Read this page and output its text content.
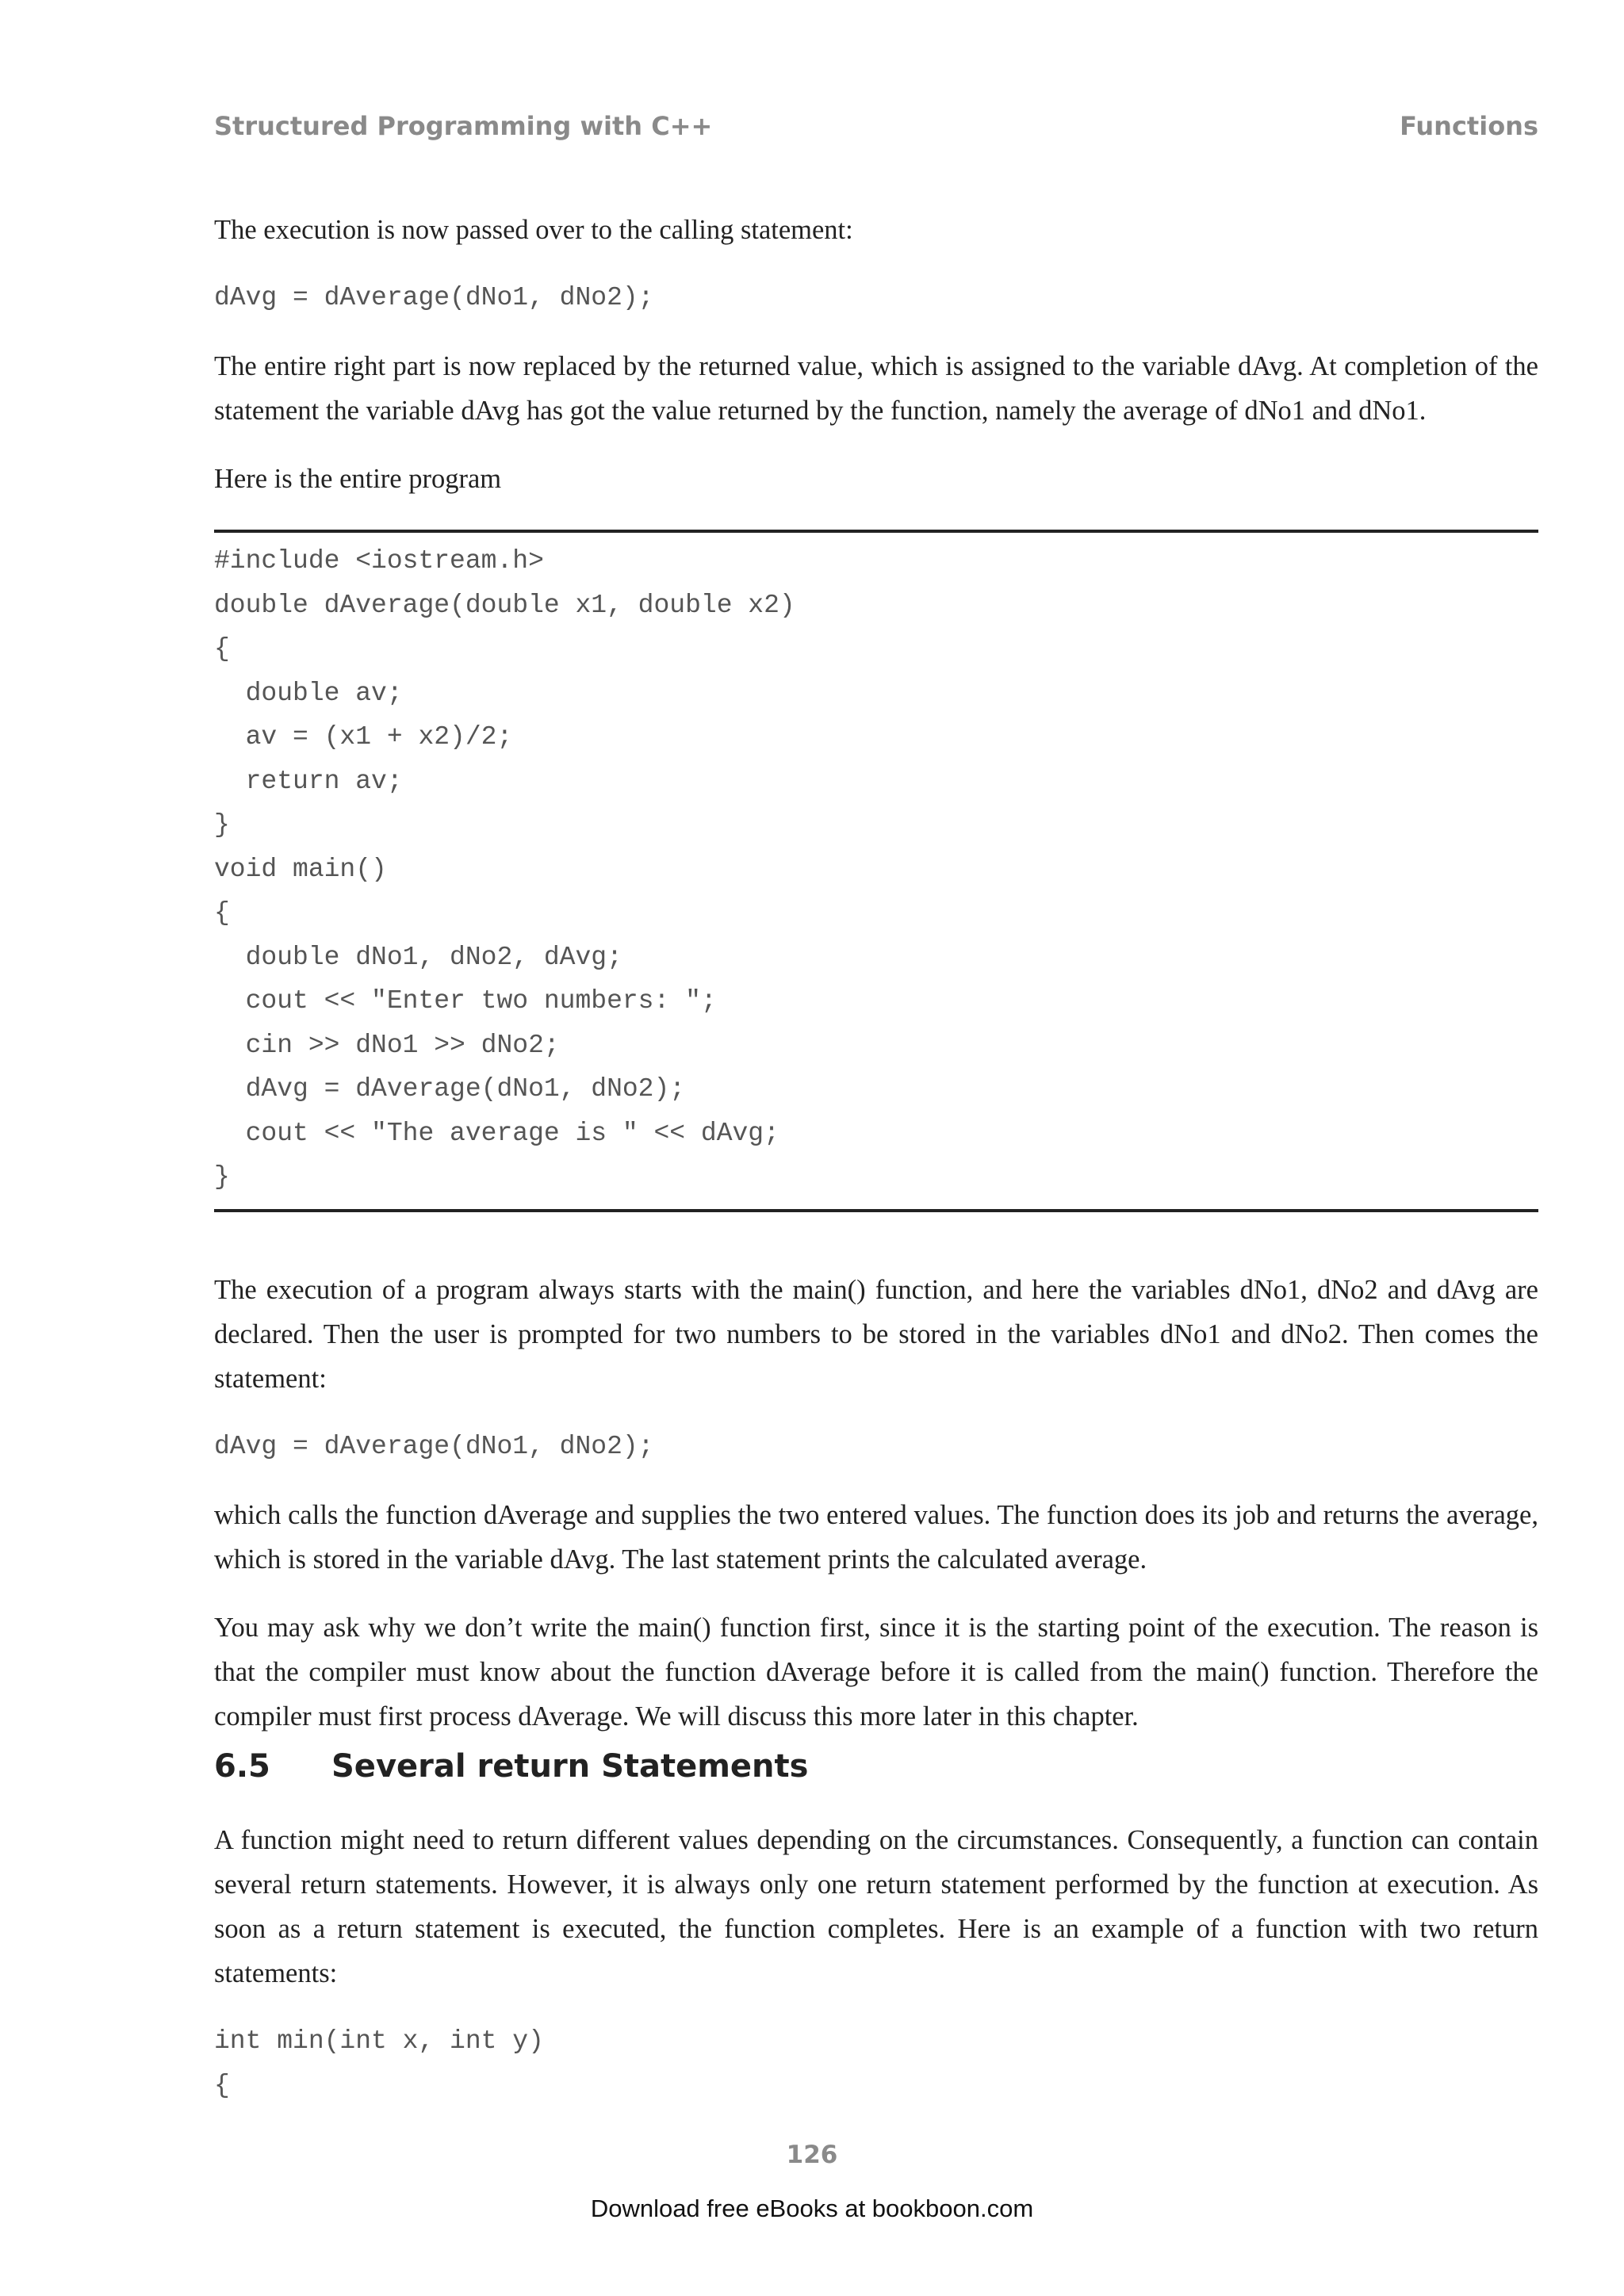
Structured Programming with C++	Functions

The execution is now passed over to the calling statement:

dAvg = dAverage(dNo1, dNo2);

The entire right part is now replaced by the returned value, which is assigned to the variable dAvg. At completion of the statement the variable dAvg has got the value returned by the function, namely the average of dNo1 and dNo1.

Here is the entire program

#include <iostream.h>
double dAverage(double x1, double x2)
{
double av;
av = (x1 + x2)/2;
return av;
}
void main()
{
double dNo1, dNo2, dAvg;
cout << "Enter two numbers: ";
cin >> dNo1 >> dNo2;
dAvg = dAverage(dNo1, dNo2);
cout << "The average is " << dAvg;
}

The execution of a program always starts with the main() function, and here the variables dNo1, dNo2 and dAvg are declared. Then the user is prompted for two numbers to be stored in the variables dNo1 and dNo2. Then comes the statement:

dAvg = dAverage(dNo1, dNo2);

which calls the function dAverage and supplies the two entered values. The function does its job and returns the average, which is stored in the variable dAvg. The last statement prints the calculated average.

You may ask why we don’t write the main() function first, since it is the starting point of the execution. The reason is that the compiler must know about the function dAverage before it is called from the main() function. Therefore the compiler must first process dAverage. We will discuss this more later in this chapter.

6.5	Several return Statements

A function might need to return different values depending on the circumstances. Consequently, a function can contain several return statements. However, it is always only one return statement performed by the function at execution. As soon as a return statement is executed, the function completes. Here is an example of a function with two return statements:

int min(int x, int y)
{
126
Download free eBooks at bookboon.com
